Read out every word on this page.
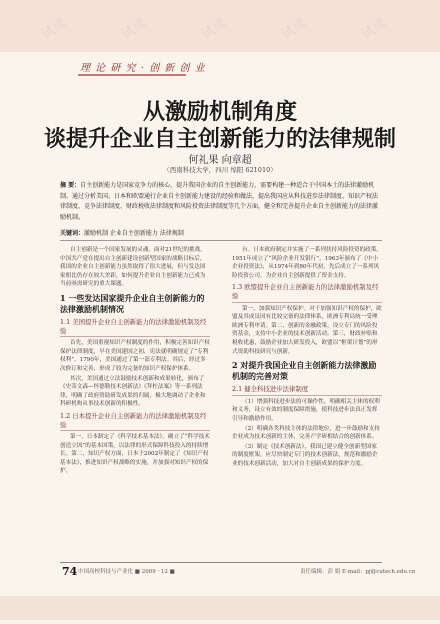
试读	试读	试读	试读	试读
理 论 研 究 · 创 新 创 业
从激励机制角度
谈提升企业自主创新能力的法律规制
何礼果 向章超
（西南科技大学，四川 绵阳 621010）
摘 要：自主创新能力是国家竞争力的核心，提升我国企业的自主创新能力，需要构建一种适合于中国本土的法律激励机制。通过分析美国、日本和欧盟通行企业自主创新能力建设的经验和做法，提出我国应从科技进步法律制度、知识产权法律制度、竞争法律制度、财政税收法律制度和风险投资法律制度等几个方面，健全和完善提升企业自主创新能力的法律激励机制。
关键词：激励机制 企业自主创新能力 法律规制

自主创新是一个国家发展的灵魂。面对21世纪的挑战，中国共产党在提出自主创新建设创新型国家的战略目标后，我国的企业自主创新能力虽然取得了很大进展，但与发达国家相比仍存在较大差距，如何提升企业自主创新能力已成为当前亟需研究的重大课题。

1 一些发达国家提升企业自主创新能力的法律激励机制情况
1.1 美国提升企业自主创新能力的法律激励机制及经验

首先，美国重视知识产权制度的作用，积极完善知识产权保护法律制度，早在美国建国之初，宪法就明确规定了“专利权利”。1790年，美国通过了第一部专利法。其后，经过多次修订和完善，形成了较为完备的知识产权保护体系。

其次，美国通过立法鼓励技术创新和成果转化，颁布了《史蒂文森—怀德勒技术创新法》《拜杜法案》等一系列法律，明确了政府资助研发成果的归属，极大地调动了企业和科研机构从事技术创新的积极性。

1.2 日本提升企业自主创新能力的法律激励机制及经验

第一，日本制定了《科学技术基本法》，确立了“科学技术创造立国”的基本国策，以法律的形式保障科技投入的持续增长。第二，知识产权方面，日本于2002年制定了《知识产权基本法》，推进知识产权战略的实施，并加强对知识产权的保护。

台。日本政府制定并实施了一系列扶持风险投资的政策，1951年成立了“风险企业开发银行”，1963年颁布了《中小企业投资法》，从1974年到80年代初，先后成立了一系列风险投资公司，为企业自主创新提供了资金支持。

1.3 欧盟提升企业自主创新能力的法律激励机制及经验

第一，加强知识产权保护。对于加强知识产权的保护，欧盟及其成员国有比较完备的法律体系，欧洲专利局统一受理欧洲专利申请。第二，创新的金融政策，设立专门的风险投资基金，支持中小企业的技术创新活动。第三，财政补贴和税收优惠，鼓励企业加大研发投入，欧盟以“框架计划”的形式资助科技研究与创新。

2 对提升我国企业自主创新能力法律激励机制的完善对策
2.1 健全科技进步法律制度

（1）增强科技进步法的可操作性，明确相关主体的权利和义务，设立有效的制度保障措施，使科技进步法真正发挥引导和激励作用。

（2）明确各类科技主体的法律地位，进一步鼓励和支持企业成为技术创新的主体，完善产学研相结合的创新体系。

（3）制定《技术创新法》，我国已建立健全创新型国家的制度框架，应尽快制定专门的技术创新法，规范和激励企业的技术创新活动，加大对自主创新成果的保护力度。

74 中国高校科技与产业化 ■ 2009 · 12 ■	责任编辑：彭 娟 E-mail：pj@cutech.edu.cn
